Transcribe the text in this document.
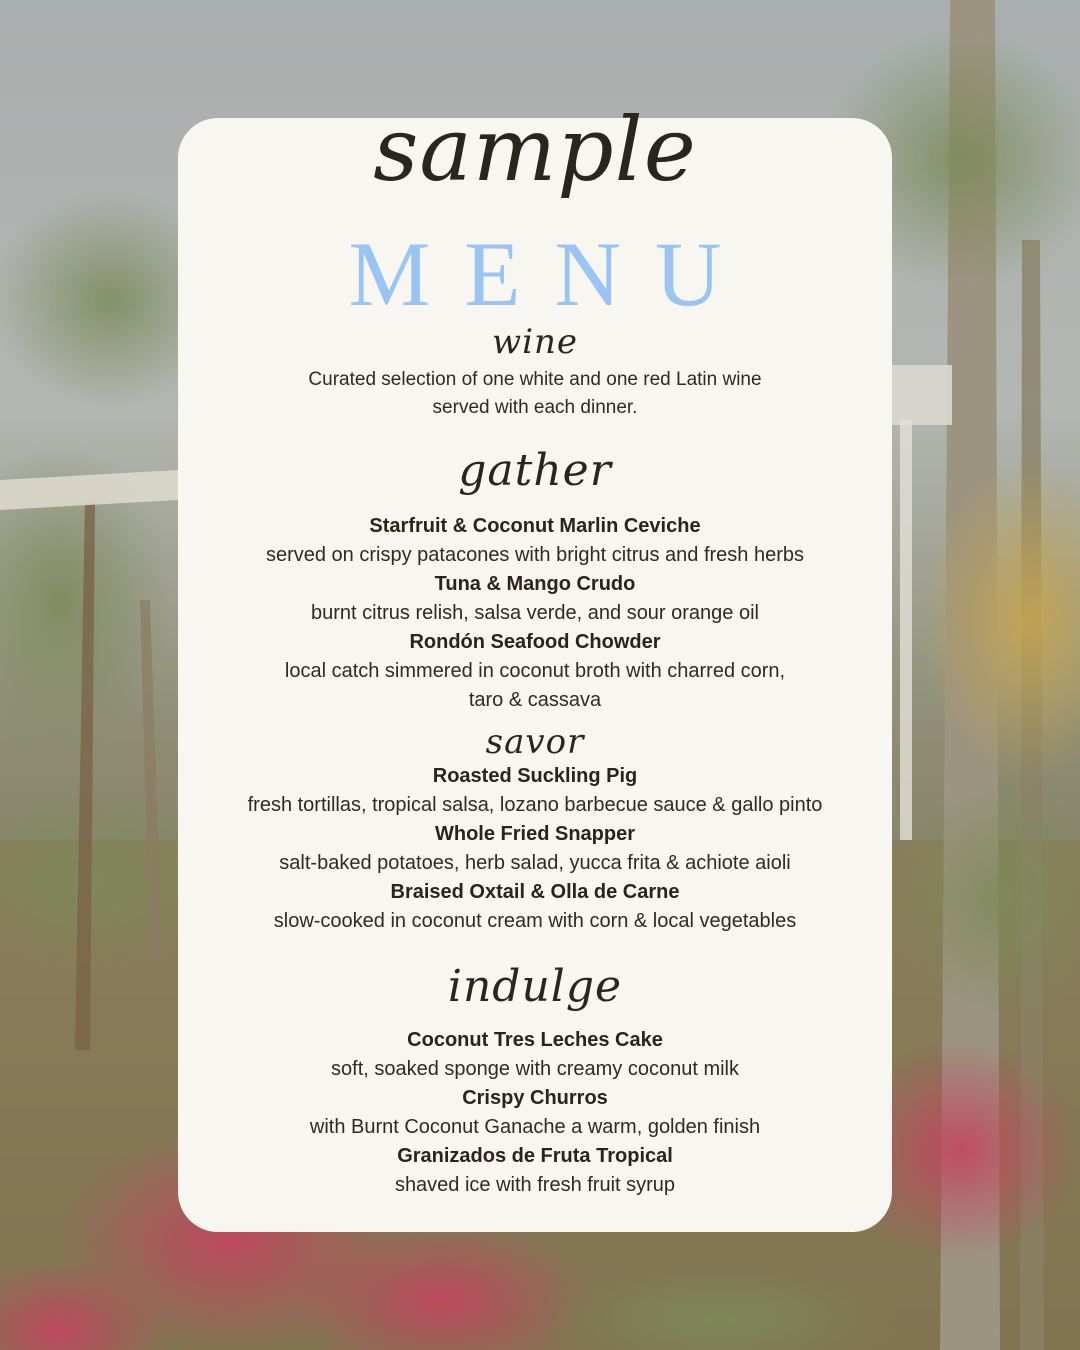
sample
MENU
wine
Curated selection of one white and one red Latin wine
served with each dinner.
gather
Starfruit & Coconut Marlin Ceviche
served on crispy patacones with bright citrus and fresh herbs
Tuna & Mango Crudo
burnt citrus relish, salsa verde, and sour orange oil
Rondón Seafood Chowder
local catch simmered in coconut broth with charred corn,
taro & cassava
savor
Roasted Suckling Pig
fresh tortillas, tropical salsa, lozano barbecue sauce & gallo pinto
Whole Fried Snapper
salt-baked potatoes, herb salad, yucca frita & achiote aioli
Braised Oxtail & Olla de Carne
slow-cooked in coconut cream with corn & local vegetables
indulge
Coconut Tres Leches Cake
soft, soaked sponge with creamy coconut milk
Crispy Churros
with Burnt Coconut Ganache a warm, golden finish
Granizados de Fruta Tropical
shaved ice with fresh fruit syrup
